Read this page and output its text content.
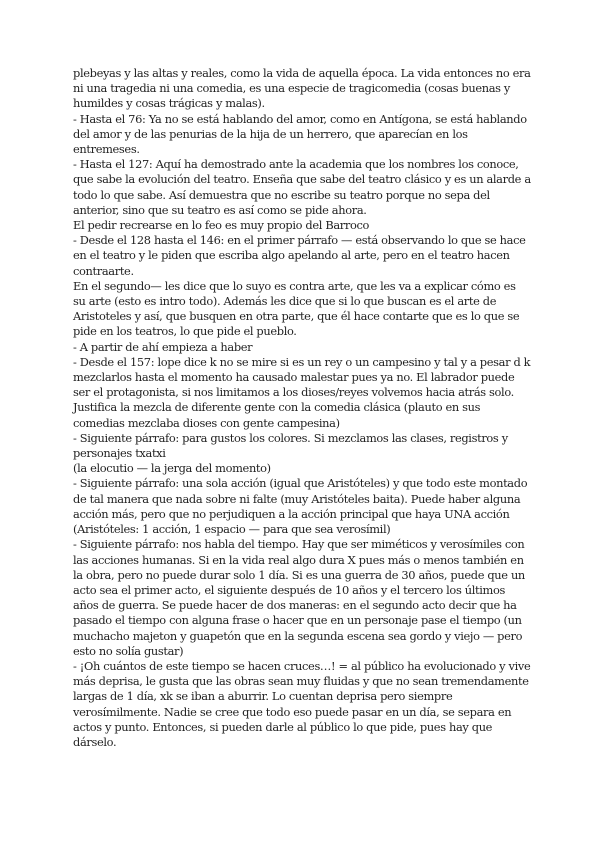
plebeyas y las altas y reales, como la vida de aquella época. La vida entonces no era ni una tragedia ni una comedia, es una especie de tragicomedia (cosas buenas y humildes y cosas trágicas y malas).

- Hasta el 76: Ya no se está hablando del amor, como en Antígona, se está hablando del amor y de las penurias de la hija de un herrero, que aparecían en los entremeses.

- Hasta el 127: Aquí ha demostrado ante la academia que los nombres los conoce, que sabe la evolución del teatro. Enseña que sabe del teatro clásico y es un alarde a todo lo que sabe. Así demuestra que no escribe su teatro porque no sepa del anterior, sino que su teatro es así como se pide ahora.

El pedir recrearse en lo feo es muy propio del Barroco

- Desde el 128 hasta el 146: en el primer párrafo — está observando lo que se hace en el teatro y le piden que escriba algo apelando al arte, pero en el teatro hacen contraarte.

En el segundo— les dice que lo suyo es contra arte, que les va a explicar cómo es su arte (esto es intro todo). Además les dice que si lo que buscan es el arte de Aristoteles y así, que busquen en otra parte, que él hace contarte que es lo que se pide en los teatros, lo que pide el pueblo.

- A partir de ahí empieza a haber

- Desde el 157: lope dice k no se mire si es un rey o un campesino y tal y a pesar d k mezclarlos hasta el momento ha causado malestar pues ya no. El labrador puede ser el protagonista, si nos limitamos a los dioses/reyes volvemos hacia atrás solo. Justifica la mezcla de diferente gente con la comedia clásica (plauto en sus comedias mezclaba dioses con gente campesina)

- Siguiente párrafo: para gustos los colores. Si mezclamos las clases, registros y personajes txatxi

(la elocutio — la jerga del momento)

- Siguiente párrafo: una sola acción (igual que Aristóteles) y que todo este montado de tal manera que nada sobre ni falte (muy Aristóteles baita). Puede haber alguna acción más, pero que no perjudiquen a la acción principal que haya UNA acción (Aristóteles: 1 acción, 1 espacio — para que sea verosímil)

- Siguiente párrafo: nos habla del tiempo. Hay que ser miméticos y verosímiles con las acciones humanas. Si en la vida real algo dura X pues más o menos también en la obra, pero no puede durar solo 1 día. Si es una guerra de 30 años, puede que un acto sea el primer acto, el siguiente después de 10 años y el tercero los últimos años de guerra. Se puede hacer de dos maneras: en el segundo acto decir que ha pasado el tiempo con alguna frase o hacer que en un personaje pase el tiempo (un muchacho majeton y guapetón que en la segunda escena sea gordo y viejo — pero esto no solía gustar)

- ¡Oh cuántos de este tiempo se hacen cruces…! = al público ha evolucionado y vive más deprisa, le gusta que las obras sean muy fluidas y que no sean tremendamente largas de 1 día, xk se iban a aburrir. Lo cuentan deprisa pero siempre verosímilmente. Nadie se cree que todo eso puede pasar en un día, se separa en actos y punto. Entonces, si pueden darle al público lo que pide, pues hay que dárselo.
